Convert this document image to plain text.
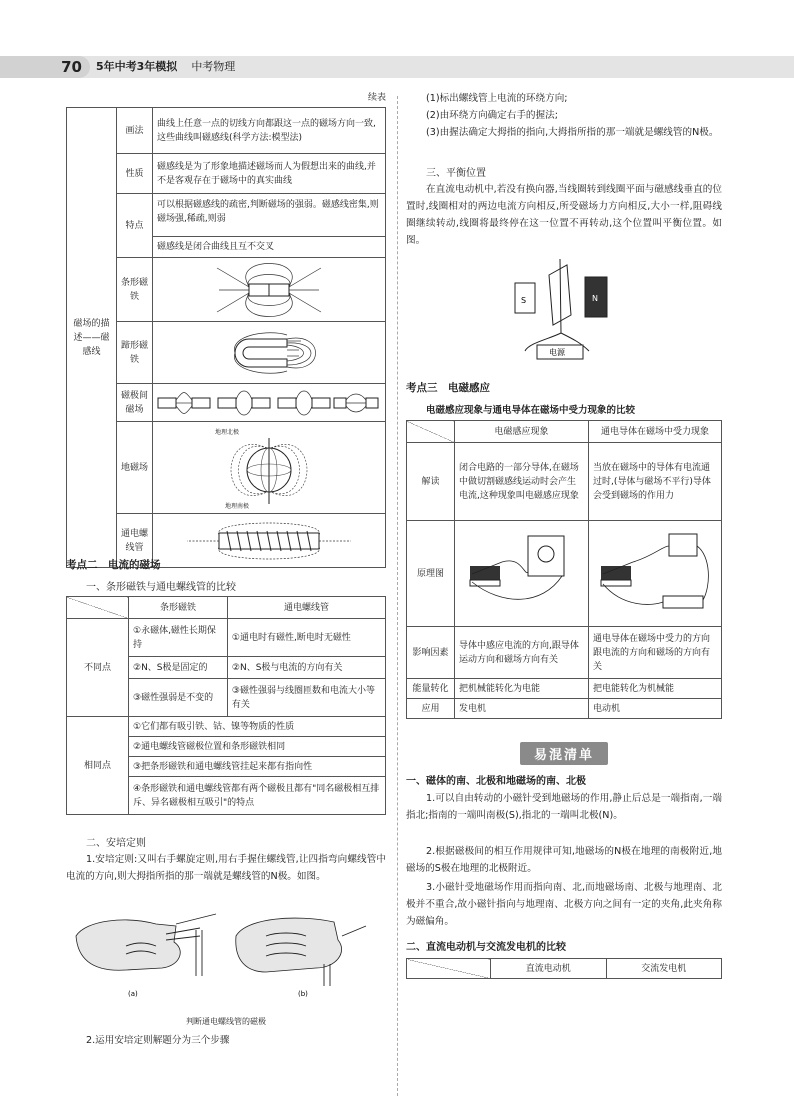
70	5年中考3年模拟 中考物理
续表
磁场的描述——磁感线	画法	曲线上任意一点的切线方向都跟这一点的磁场方向一致,这些曲线叫磁感线(科学方法:模型法)
	性质	磁感线是为了形象地描述磁场而人为假想出来的曲线,并不是客观存在于磁场中的真实曲线
	特点	可以根据磁感线的疏密,判断磁场的强弱。磁感线密集,则磁场强,稀疏,则弱
磁感线是闭合曲线且互不交叉

	条形磁铁	

	蹄形磁铁	

	磁极间磁场	

	地磁场	地理北极
地理南极

	通电螺线管	
考点二　电流的磁场
一、条形磁铁与通电螺线管的比较
	条形磁铁	通电螺线管
不同点	①永磁体,磁性长期保持	①通电时有磁性,断电时无磁性
	②N、S极是固定的	②N、S极与电流的方向有关
	③磁性强弱是不变的	③磁性强弱与线圈匝数和电流大小等有关
相同点	①它们都有吸引铁、钴、镍等物质的性质	
	②通电螺线管磁极位置和条形磁铁相同	
	③把条形磁铁和通电螺线管挂起来都有指向性	
	④条形磁铁和通电螺线管都有两个磁极且都有"同名磁极相互排斥、异名磁极相互吸引"的特点	
二、安培定则
1.安培定则:又叫右手螺旋定则,用右手握住螺线管,让四指弯向螺线管中电流的方向,则大拇指所指的那一端就是螺线管的N极。如图。
(a)	(b)
判断通电螺线管的磁极
2.运用安培定则解题分为三个步骤
(1)标出螺线管上电流的环绕方向;
(2)由环绕方向确定右手的握法;
(3)由握法确定大拇指的指向,大拇指所指的那一端就是螺线管的N极。
三、平衡位置
在直流电动机中,若没有换向器,当线圈转到线圈平面与磁感线垂直的位置时,线圈相对的两边电流方向相反,所受磁场力方向相反,大小一样,阻碍线圈继续转动,线圈将最终停在这一位置不再转动,这个位置叫平衡位置。如图。
S	N
电源
考点三　电磁感应
电磁感应现象与通电导体在磁场中受力现象的比较
	电磁感应现象	通电导体在磁场中受力现象
解读	闭合电路的一部分导体,在磁场中做切割磁感线运动时会产生电流,这种现象叫电磁感应现象	当放在磁场中的导体有电流通过时,(导体与磁场不平行)导体会受到磁场的作用力
原理图	

影响因素	导体中感应电流的方向,跟导体运动方向和磁场方向有关	通电导体在磁场中受力的方向跟电流的方向和磁场的方向有关
能量转化	把机械能转化为电能	把电能转化为机械能
应用	发电机	电动机
易混清单
一、磁体的南、北极和地磁场的南、北极
1.可以自由转动的小磁针受到地磁场的作用,静止后总是一端指南,一端指北;指南的一端叫南极(S),指北的一端叫北极(N)。
2.根据磁极间的相互作用规律可知,地磁场的N极在地理的南极附近,地磁场的S极在地理的北极附近。
3.小磁针受地磁场作用而指向南、北,而地磁场南、北极与地理南、北极并不重合,故小磁针指向与地理南、北极方向之间有一定的夹角,此夹角称为磁偏角。
二、直流电动机与交流发电机的比较
	直流电动机	交流发电机
